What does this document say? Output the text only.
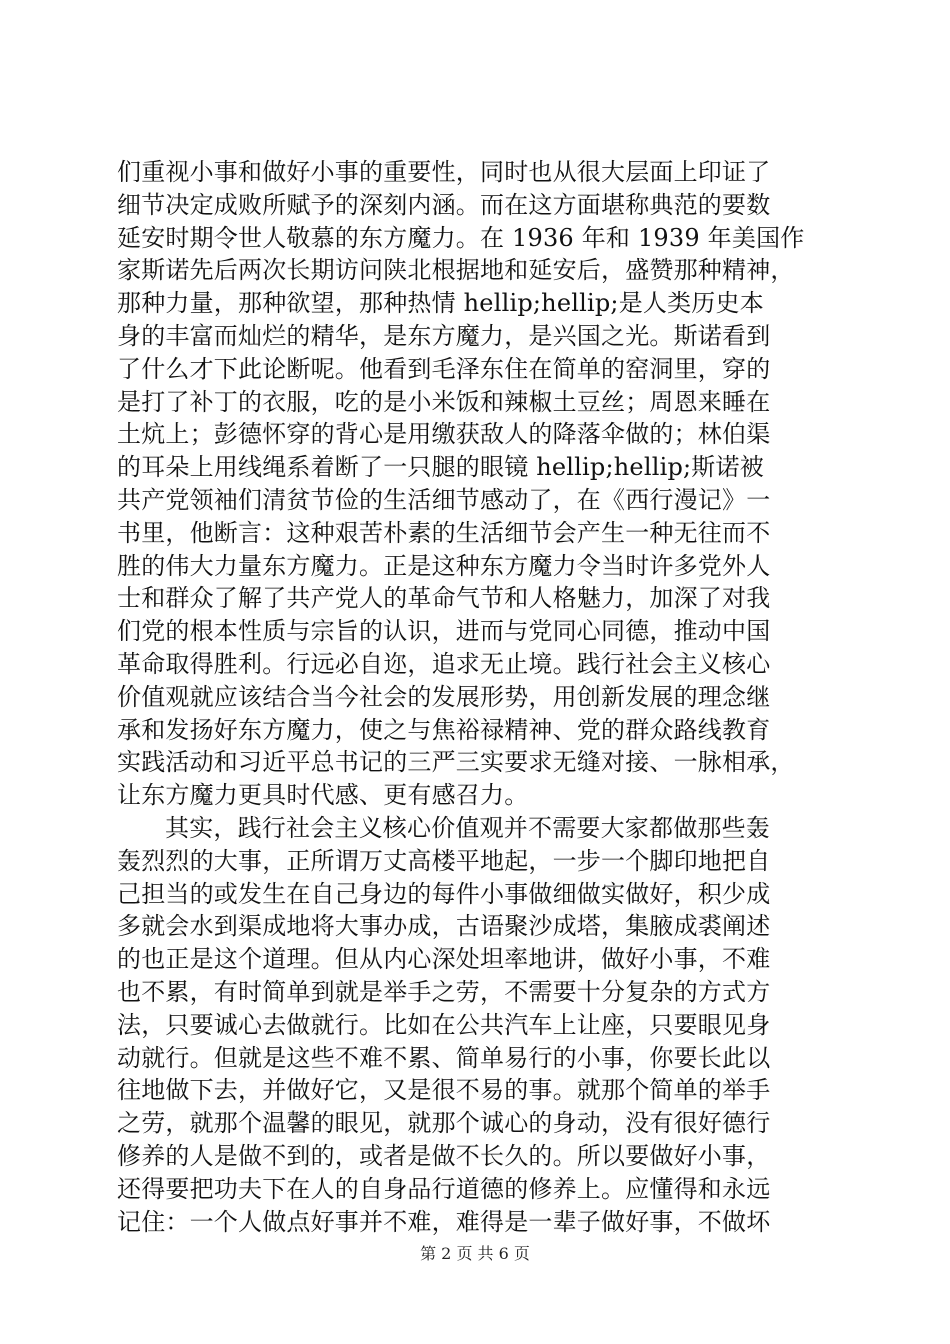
们重视小事和做好小事的重要性，同时也从很大层面上印证了
细节决定成败所赋予的深刻内涵。而在这方面堪称典范的要数
延安时期令世人敬慕的东方魔力。在 1936 年和 1939 年美国作
家斯诺先后两次长期访问陕北根据地和延安后，盛赞那种精神，
那种力量，那种欲望，那种热情 hellip;hellip;是人类历史本
身的丰富而灿烂的精华，是东方魔力，是兴国之光。斯诺看到
了什么才下此论断呢。他看到毛泽东住在简单的窑洞里，穿的
是打了补丁的衣服，吃的是小米饭和辣椒土豆丝；周恩来睡在
土炕上；彭德怀穿的背心是用缴获敌人的降落伞做的；林伯渠
的耳朵上用线绳系着断了一只腿的眼镜 hellip;hellip;斯诺被
共产党领袖们清贫节俭的生活细节感动了，在《西行漫记》一
书里，他断言：这种艰苦朴素的生活细节会产生一种无往而不
胜的伟大力量东方魔力。正是这种东方魔力令当时许多党外人
士和群众了解了共产党人的革命气节和人格魅力，加深了对我
们党的根本性质与宗旨的认识，进而与党同心同德，推动中国
革命取得胜利。行远必自迩，追求无止境。践行社会主义核心
价值观就应该结合当今社会的发展形势，用创新发展的理念继
承和发扬好东方魔力，使之与焦裕禄精神、党的群众路线教育
实践活动和习近平总书记的三严三实要求无缝对接、一脉相承，
让东方魔力更具时代感、更有感召力。
其实，践行社会主义核心价值观并不需要大家都做那些轰
轰烈烈的大事，正所谓万丈高楼平地起，一步一个脚印地把自
己担当的或发生在自己身边的每件小事做细做实做好，积少成
多就会水到渠成地将大事办成，古语聚沙成塔，集腋成裘阐述
的也正是这个道理。但从内心深处坦率地讲，做好小事，不难
也不累，有时简单到就是举手之劳，不需要十分复杂的方式方
法，只要诚心去做就行。比如在公共汽车上让座，只要眼见身
动就行。但就是这些不难不累、简单易行的小事，你要长此以
往地做下去，并做好它，又是很不易的事。就那个简单的举手
之劳，就那个温馨的眼见，就那个诚心的身动，没有很好德行
修养的人是做不到的，或者是做不长久的。所以要做好小事，
还得要把功夫下在人的自身品行道德的修养上。应懂得和永远
记住：一个人做点好事并不难，难得是一辈子做好事，不做坏
第 2 页 共 6 页
